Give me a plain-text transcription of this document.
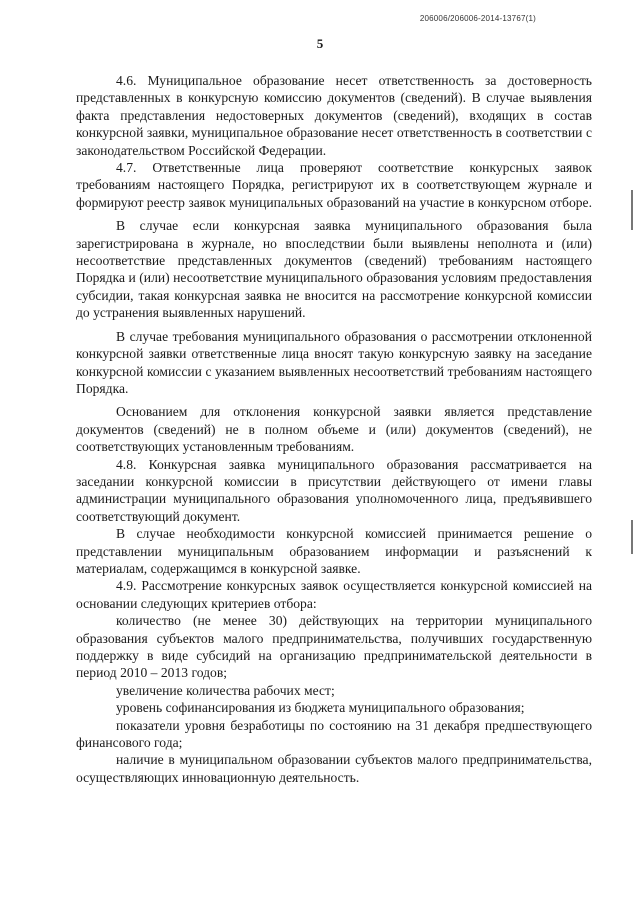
206006/206006-2014-13767(1)
5

4.6. Муниципальное образование несет ответственность за достоверность представленных в конкурсную комиссию документов (сведений). В случае выявления факта представления недостоверных документов (сведений), входящих в состав конкурсной заявки, муниципальное образование несет ответственность в соответствии с законодательством Российской Федерации.

4.7. Ответственные лица проверяют соответствие конкурсных заявок требованиям настоящего Порядка, регистрируют их в соответствующем журнале и формируют реестр заявок муниципальных образований на участие в конкурсном отборе.

В случае если конкурсная заявка муниципального образования была зарегистрирована в журнале, но впоследствии были выявлены неполнота и (или) несоответствие представленных документов (сведений) требованиям настоящего Порядка и (или) несоответствие муниципального образования условиям предоставления субсидии, такая конкурсная заявка не вносится на рассмотрение конкурсной комиссии до устранения выявленных нарушений.

В случае требования муниципального образования о рассмотрении отклоненной конкурсной заявки ответственные лица вносят такую конкурсную заявку на заседание конкурсной комиссии с указанием выявленных несоответствий требованиям настоящего Порядка.

Основанием для отклонения конкурсной заявки является представление документов (сведений) не в полном объеме и (или) документов (сведений), не соответствующих установленным требованиям.

4.8. Конкурсная заявка муниципального образования рассматривается на заседании конкурсной комиссии в присутствии действующего от имени главы администрации муниципального образования уполномоченного лица, предъявившего соответствующий документ.

В случае необходимости конкурсной комиссией принимается решение о представлении муниципальным образованием информации и разъяснений к материалам, содержащимся в конкурсной заявке.

4.9. Рассмотрение конкурсных заявок осуществляется конкурсной комиссией на основании следующих критериев отбора:

количество (не менее 30) действующих на территории муниципального образования субъектов малого предпринимательства, получивших государственную поддержку в виде субсидий на организацию предпринимательской деятельности в период 2010 – 2013 годов;

увеличение количества рабочих мест;

уровень софинансирования из бюджета муниципального образования;

показатели уровня безработицы по состоянию на 31 декабря предшествующего финансового года;

наличие в муниципальном образовании субъектов малого предпринимательства, осуществляющих инновационную деятельность.
